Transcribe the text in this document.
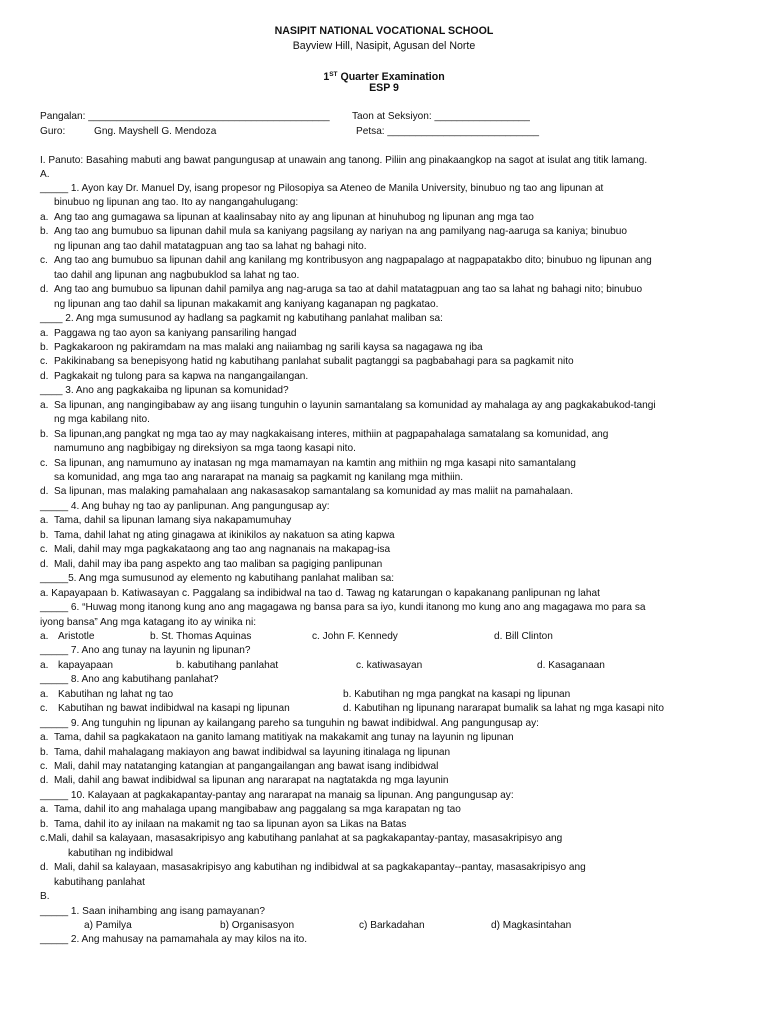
NASIPIT NATIONAL VOCATIONAL SCHOOL
Bayview Hill, Nasipit, Agusan del Norte
1ST Quarter Examination
ESP 9
Pangalan: ___________________________________________ Taon at Seksiyon: _________________
Guro:	Gng. Mayshell G. Mendoza	Petsa: ___________________________
I. Panuto: Basahing mabuti ang bawat pangungusap at unawain ang tanong. Piliin ang pinakaangkop na sagot at isulat ang titik lamang.
A.
_____ 1. Ayon kay Dr. Manuel Dy, isang propesor ng Pilosopiya sa Ateneo de Manila University, binubuo ng tao ang lipunan at
binubuo ng lipunan ang tao. Ito ay nangangahulugang:
a. Ang tao ang gumagawa sa lipunan at kaalinsabay nito ay ang lipunan at hinuhubog ng lipunan ang mga tao
b. Ang tao ang bumubuo sa lipunan dahil mula sa kaniyang pagsilang ay nariyan na ang pamilyang nag-aaruga sa kaniya; binubuo
ng lipunan ang tao dahil matatagpuan ang tao sa lahat ng bahagi nito.
c. Ang tao ang bumubuo sa lipunan dahil ang kanilang mg kontribusyon ang nagpapalago at nagpapatakbo dito; binubuo ng lipunan ang
tao dahil ang lipunan ang nagbubuklod sa lahat ng tao.
d. Ang tao ang bumubuo sa lipunan dahil pamilya ang nag-aruga sa tao at dahil matatagpuan ang tao sa lahat ng bahagi nito; binubuo
ng lipunan ang tao dahil sa lipunan makakamit ang kaniyang kaganapan ng pagkatao.
____ 2. Ang mga sumusunod ay hadlang sa pagkamit ng kabutihang panlahat maliban sa:
a. Paggawa ng tao ayon sa kaniyang pansariling hangad
b. Pagkakaroon ng pakiramdam na mas malaki ang naiiambag ng sarili kaysa sa nagagawa ng iba
c. Pakikinabang sa benepisyong hatid ng kabutihang panlahat subalit pagtanggi sa pagbabahagi para sa pagkamit nito
d. Pagkakait ng tulong para sa kapwa na nangangailangan.
____ 3. Ano ang pagkakaiba ng lipunan sa komunidad?
a. Sa lipunan, ang nangingibabaw ay ang iisang tunguhin o layunin samantalang sa komunidad ay mahalaga ay ang pagkakabukod-tangi
ng mga kabilang nito.
b. Sa lipunan,ang pangkat ng mga tao ay may nagkakaisang interes, mithiin at pagpapahalaga samatalang sa komunidad, ang
namumuno ang nagbibigay ng direksiyon sa mga taong kasapi nito.
c. Sa lipunan, ang namumuno ay inatasan ng mga mamamayan na kamtin ang mithiin ng mga kasapi nito samantalang
sa komunidad, ang mga tao ang nararapat na manaig sa pagkamit ng kanilang mga mithiin.
d. Sa lipunan, mas malaking pamahalaan ang nakasasakop samantalang sa komunidad ay mas maliit na pamahalaan.
_____ 4. Ang buhay ng tao ay panlipunan. Ang pangungusap ay:
a. Tama, dahil sa lipunan lamang siya nakapamumuhay
b. Tama, dahil lahat ng ating ginagawa at ikinikilos ay nakatuon sa ating kapwa
c. Mali, dahil may mga pagkakataong ang tao ang nagnanais na makapag-isa
d. Mali, dahil may iba pang aspekto ang tao maliban sa pagiging panlipunan
_____5. Ang mga sumusunod ay elemento ng kabutihang panlahat maliban sa:
a. Kapayapaan b. Katiwasayan c. Paggalang sa indibidwal na tao d. Tawag ng katarungan o kapakanang panlipunan ng lahat
_____ 6. “Huwag mong itanong kung ano ang magagawa ng bansa para sa iyo, kundi itanong mo kung ano ang magagawa mo para sa
iyong bansa” Ang mga katagang ito ay winika ni:
a. Aristotle	b. St. Thomas Aquinas	c. John F. Kennedy	d. Bill Clinton
_____ 7. Ano ang tunay na layunin ng lipunan?
a. kapayapaan	b. kabutihang panlahat	c. katiwasayan	d. Kasaganaan
_____ 8. Ano ang kabutihang panlahat?
a. Kabutihan ng lahat ng tao	b. Kabutihan ng mga pangkat na kasapi ng lipunan
c. Kabutihan ng bawat indibidwal na kasapi ng lipunan	d. Kabutihan ng lipunang nararapat bumalik sa lahat ng mga kasapi nito
_____ 9. Ang tunguhin ng lipunan ay kailangang pareho sa tunguhin ng bawat indibidwal. Ang pangungusap ay:
a. Tama, dahil sa pagkakataon na ganito lamang matitiyak na makakamit ang tunay na layunin ng lipunan
b. Tama, dahil mahalagang makiayon ang bawat indibidwal sa layuning itinalaga ng lipunan
c. Mali, dahil may natatanging katangian at pangangailangan ang bawat isang indibidwal
d. Mali, dahil ang bawat indibidwal sa lipunan ang nararapat na nagtatakda ng mga layunin
_____ 10. Kalayaan at pagkakapantay-pantay ang nararapat na manaig sa lipunan. Ang pangungusap ay:
a. Tama, dahil ito ang mahalaga upang mangibabaw ang paggalang sa mga karapatan ng tao
b. Tama, dahil ito ay inilaan na makamit ng tao sa lipunan ayon sa Likas na Batas
c.Mali, dahil sa kalayaan, masasakripisyo ang kabutihang panlahat at sa pagkakapantay-pantay, masasakripisyo ang
kabutihan ng indibidwal
d. Mali, dahil sa kalayaan, masasakripisyo ang kabutihan ng indibidwal at sa pagkakapantay--pantay, masasakripisyo ang
kabutihang panlahat
B.
_____ 1. Saan inihambing ang isang pamayanan?
a) Pamilya	b) Organisasyon	c) Barkadahan	d) Magkasintahan
_____ 2. Ang mahusay na pamamahala ay may kilos na ito.
